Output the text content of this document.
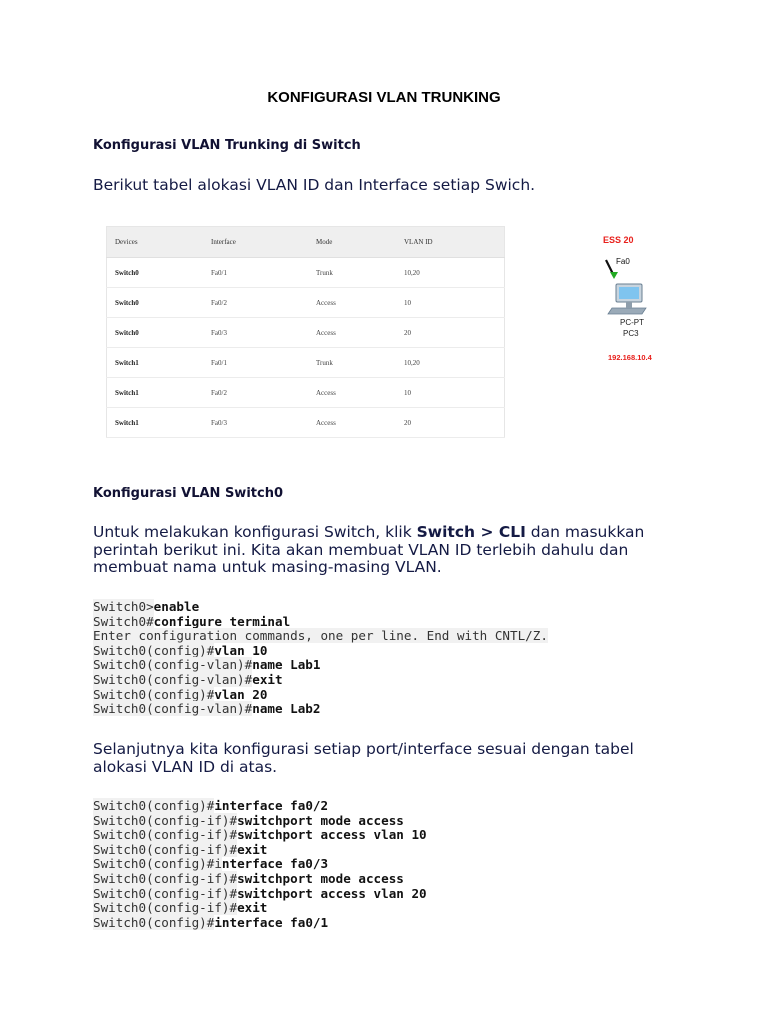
KONFIGURASI VLAN TRUNKING
Konfigurasi VLAN Trunking di Switch
Berikut tabel alokasi VLAN ID dan Interface setiap Swich.
Devices	Interface	Mode	VLAN ID
Switch0	Fa0/1	Trunk	10,20
Switch0	Fa0/2	Access	10
Switch0	Fa0/3	Access	20
Switch1	Fa0/1	Trunk	10,20
Switch1	Fa0/2	Access	10
Switch1	Fa0/3	Access	20
ESS 20
Fa0
PC-PT
PC3
192.168.10.4
Konfigurasi VLAN Switch0
Untuk melakukan konfigurasi Switch, klik Switch > CLI dan masukkan perintah berikut ini. Kita akan membuat VLAN ID terlebih dahulu dan membuat nama untuk masing-masing VLAN.
Switch0>enable
Switch0#configure terminal
Enter configuration commands, one per line. End with CNTL/Z.
Switch0(config)#vlan 10
Switch0(config-vlan)#name Lab1
Switch0(config-vlan)#exit
Switch0(config)#vlan 20
Switch0(config-vlan)#name Lab2
Selanjutnya kita konfigurasi setiap port/interface sesuai dengan tabel alokasi VLAN ID di atas.
Switch0(config)#interface fa0/2
Switch0(config-if)#switchport mode access
Switch0(config-if)#switchport access vlan 10
Switch0(config-if)#exit
Switch0(config)#interface fa0/3
Switch0(config-if)#switchport mode access
Switch0(config-if)#switchport access vlan 20
Switch0(config-if)#exit
Switch0(config)#interface fa0/1
